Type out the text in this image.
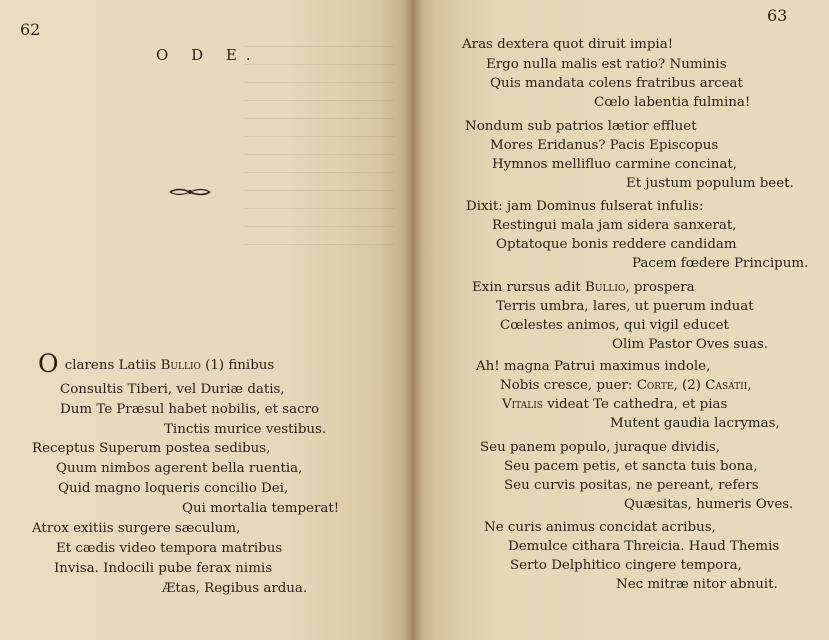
62
63
O D E.
O clarens Latiis Bullio (1) finibus
Consultis Tiberi, vel Duriæ datis,
Dum Te Præsul habet nobilis, et sacro
Tinctis murice vestibus.
Receptus Superum postea sedibus,
Quum nimbos agerent bella ruentia,
Quid magno loqueris concilio Dei,
Qui mortalia temperat!
Atrox exitiis surgere sæculum,
Et cædis video tempora matribus
Invisa. Indocili pube ferax nimis
Ætas, Regibus ardua.
Aras dextera quot diruit impia!
Ergo nulla malis est ratio? Numinis
Quis mandata colens fratribus arceat
Cœlo labentia fulmina!
Nondum sub patrios lætior effluet
Mores Eridanus? Pacis Episcopus
Hymnos mellifluo carmine concinat,
Et justum populum beet.
Dixit: jam Dominus fulserat infulis:
Restingui mala jam sidera sanxerat,
Optatoque bonis reddere candidam
Pacem fœdere Principum.
Exin rursus adit Bullio, prospera
Terris umbra, lares, ut puerum induat
Cœlestes animos, qui vigil educet
Olim Pastor Oves suas.
Ah! magna Patrui maximus indole,
Nobis cresce, puer: Corte, (2) Casatii,
Vitalis videat Te cathedra, et pias
Mutent gaudia lacrymas,
Seu panem populo, juraque dividis,
Seu pacem petis, et sancta tuis bona,
Seu curvis positas, ne pereant, refers
Quæsitas, humeris Oves.
Ne curis animus concidat acribus,
Demulce cithara Threicia. Haud Themis
Serto Delphitico cingere tempora,
Nec mitræ nitor abnuit.
